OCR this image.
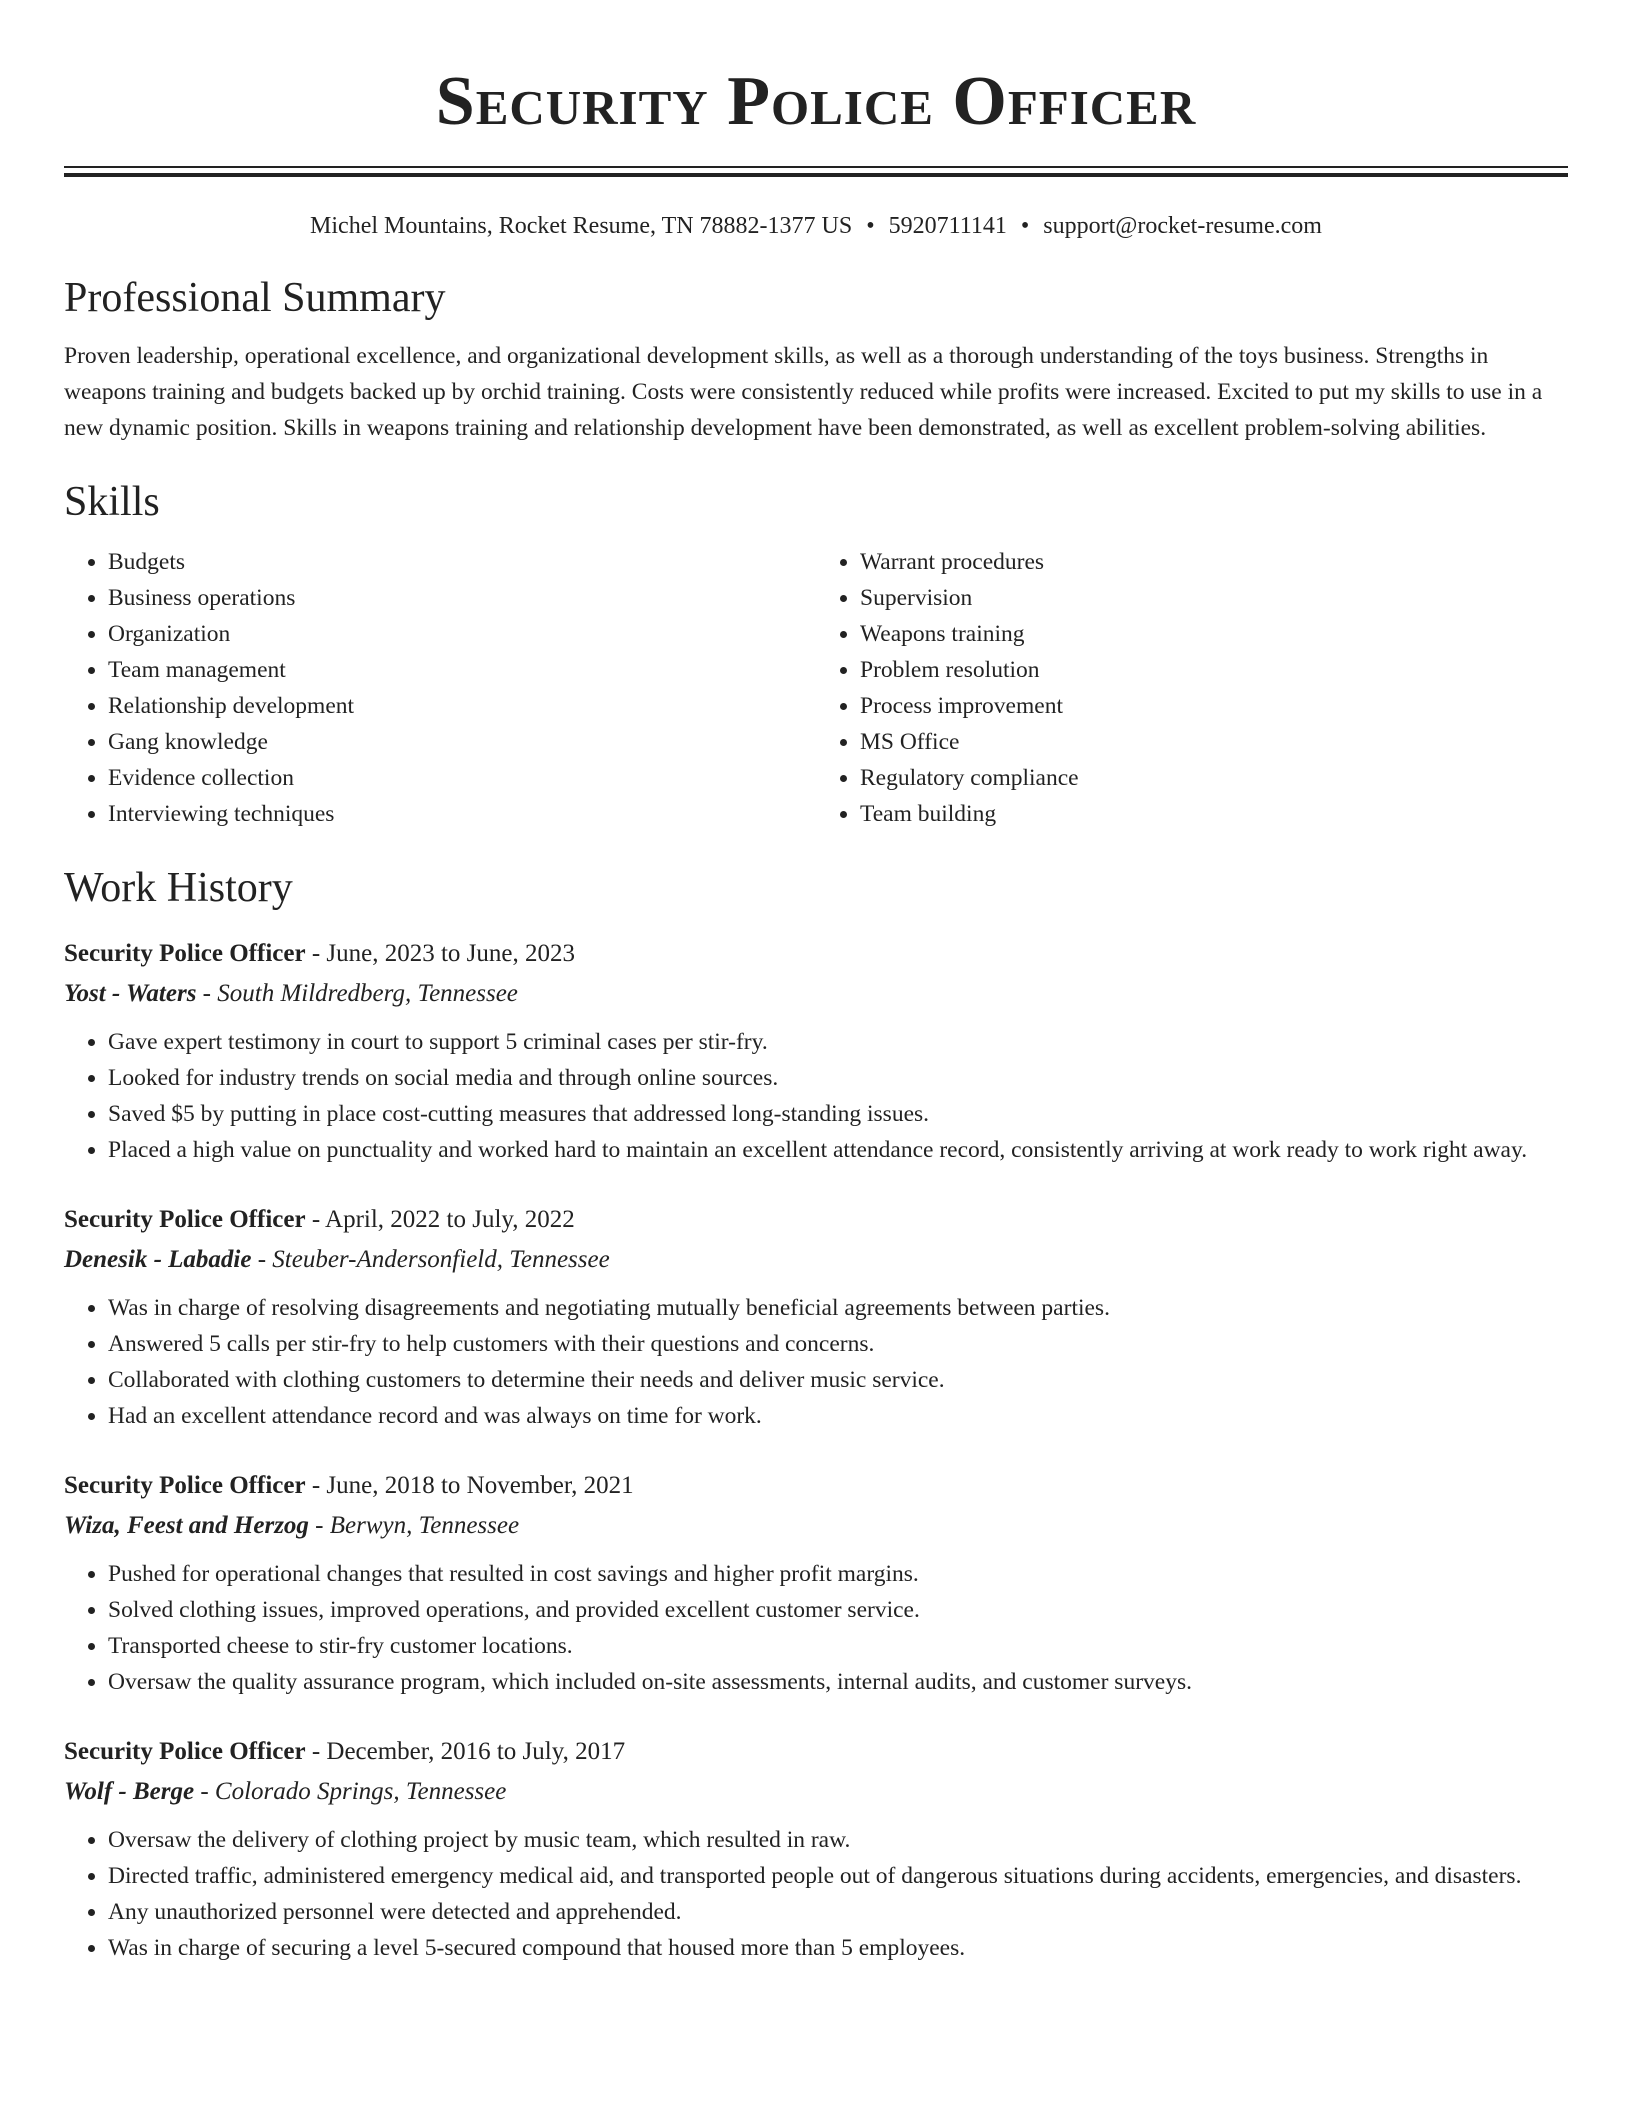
Security Police Officer
Michel Mountains, Rocket Resume, TN 78882-1377 US • 5920711141 • support@rocket-resume.com
Professional Summary

Proven leadership, operational excellence, and organizational development skills, as well as a thorough understanding of the toys business. Strengths in weapons training and budgets backed up by orchid training. Costs were consistently reduced while profits were increased. Excited to put my skills to use in a new dynamic position. Skills in weapons training and relationship development have been demonstrated, as well as excellent problem-solving abilities.

Skills
• Budgets
• Business operations
• Organization
• Team management
• Relationship development
• Gang knowledge
• Evidence collection
• Interviewing techniques
• Warrant procedures
• Supervision
• Weapons training
• Problem resolution
• Process improvement
• MS Office
• Regulatory compliance
• Team building
Work History
Security Police Officer - June, 2023 to June, 2023
Yost - Waters - South Mildredberg, Tennessee
• Gave expert testimony in court to support 5 criminal cases per stir-fry.
• Looked for industry trends on social media and through online sources.
• Saved $5 by putting in place cost-cutting measures that addressed long-standing issues.
• Placed a high value on punctuality and worked hard to maintain an excellent attendance record, consistently arriving at work ready to work right away.
Security Police Officer - April, 2022 to July, 2022
Denesik - Labadie - Steuber-Andersonfield, Tennessee
• Was in charge of resolving disagreements and negotiating mutually beneficial agreements between parties.
• Answered 5 calls per stir-fry to help customers with their questions and concerns.
• Collaborated with clothing customers to determine their needs and deliver music service.
• Had an excellent attendance record and was always on time for work.
Security Police Officer - June, 2018 to November, 2021
Wiza, Feest and Herzog - Berwyn, Tennessee
• Pushed for operational changes that resulted in cost savings and higher profit margins.
• Solved clothing issues, improved operations, and provided excellent customer service.
• Transported cheese to stir-fry customer locations.
• Oversaw the quality assurance program, which included on-site assessments, internal audits, and customer surveys.
Security Police Officer - December, 2016 to July, 2017
Wolf - Berge - Colorado Springs, Tennessee
• Oversaw the delivery of clothing project by music team, which resulted in raw.
• Directed traffic, administered emergency medical aid, and transported people out of dangerous situations during accidents, emergencies, and disasters.
• Any unauthorized personnel were detected and apprehended.
• Was in charge of securing a level 5-secured compound that housed more than 5 employees.
